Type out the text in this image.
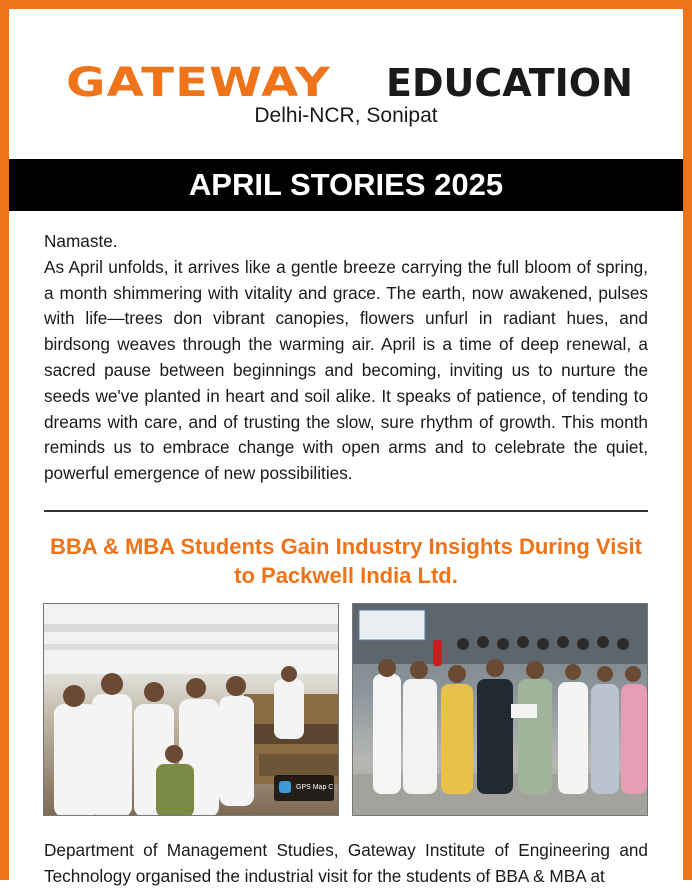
GATEWAY EDUCATION
Delhi-NCR, Sonipat
APRIL STORIES 2025

Namaste.

As April unfolds, it arrives like a gentle breeze carrying the full bloom of spring, a month shimmering with vitality and grace. The earth, now awakened, pulses with life—trees don vibrant canopies, flowers unfurl in radiant hues, and birdsong weaves through the warming air. April is a time of deep renewal, a sacred pause between beginnings and becoming, inviting us to nurture the seeds we've planted in heart and soil alike. It speaks of patience, of tending to dreams with care, and of trusting the slow, sure rhythm of growth. This month reminds us to embrace change with open arms and to celebrate the quiet, powerful emergence of new possibilities.

BBA & MBA Students Gain Industry Insights During Visit to Packwell India Ltd.
GPS Map C
Department of Management Studies, Gateway Institute of Engineering and Technology organised the industrial visit for the students of BBA & MBA at
